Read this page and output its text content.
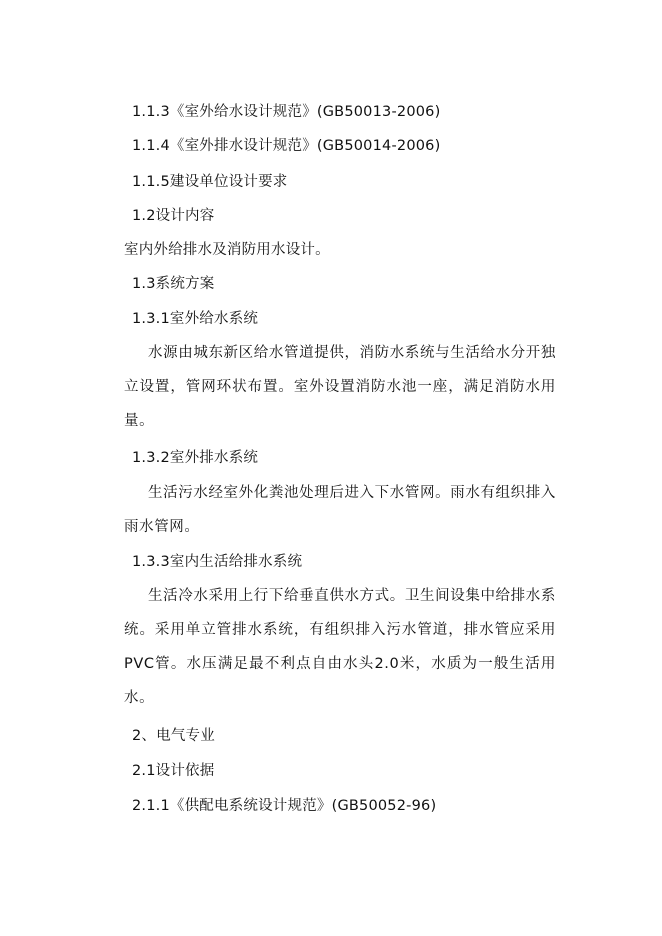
1.1.3《室外给水设计规范》(GB50013-2006)
1.1.4《室外排水设计规范》(GB50014-2006)
1.1.5建设单位设计要求
1.2设计内容
室内外给排水及消防用水设计。
1.3系统方案
1.3.1室外给水系统
水源由城东新区给水管道提供，消防水系统与生活给水分开独立设置，管网环状布置。室外设置消防水池一座，满足消防水用量。
1.3.2室外排水系统
生活污水经室外化粪池处理后进入下水管网。雨水有组织排入雨水管网。
1.3.3室内生活给排水系统
生活冷水采用上行下给垂直供水方式。卫生间设集中给排水系统。采用单立管排水系统，有组织排入污水管道，排水管应采用PVC管。水压满足最不利点自由水头2.0米，水质为一般生活用水。
2、电气专业
2.1设计依据
2.1.1《供配电系统设计规范》(GB50052-96)
